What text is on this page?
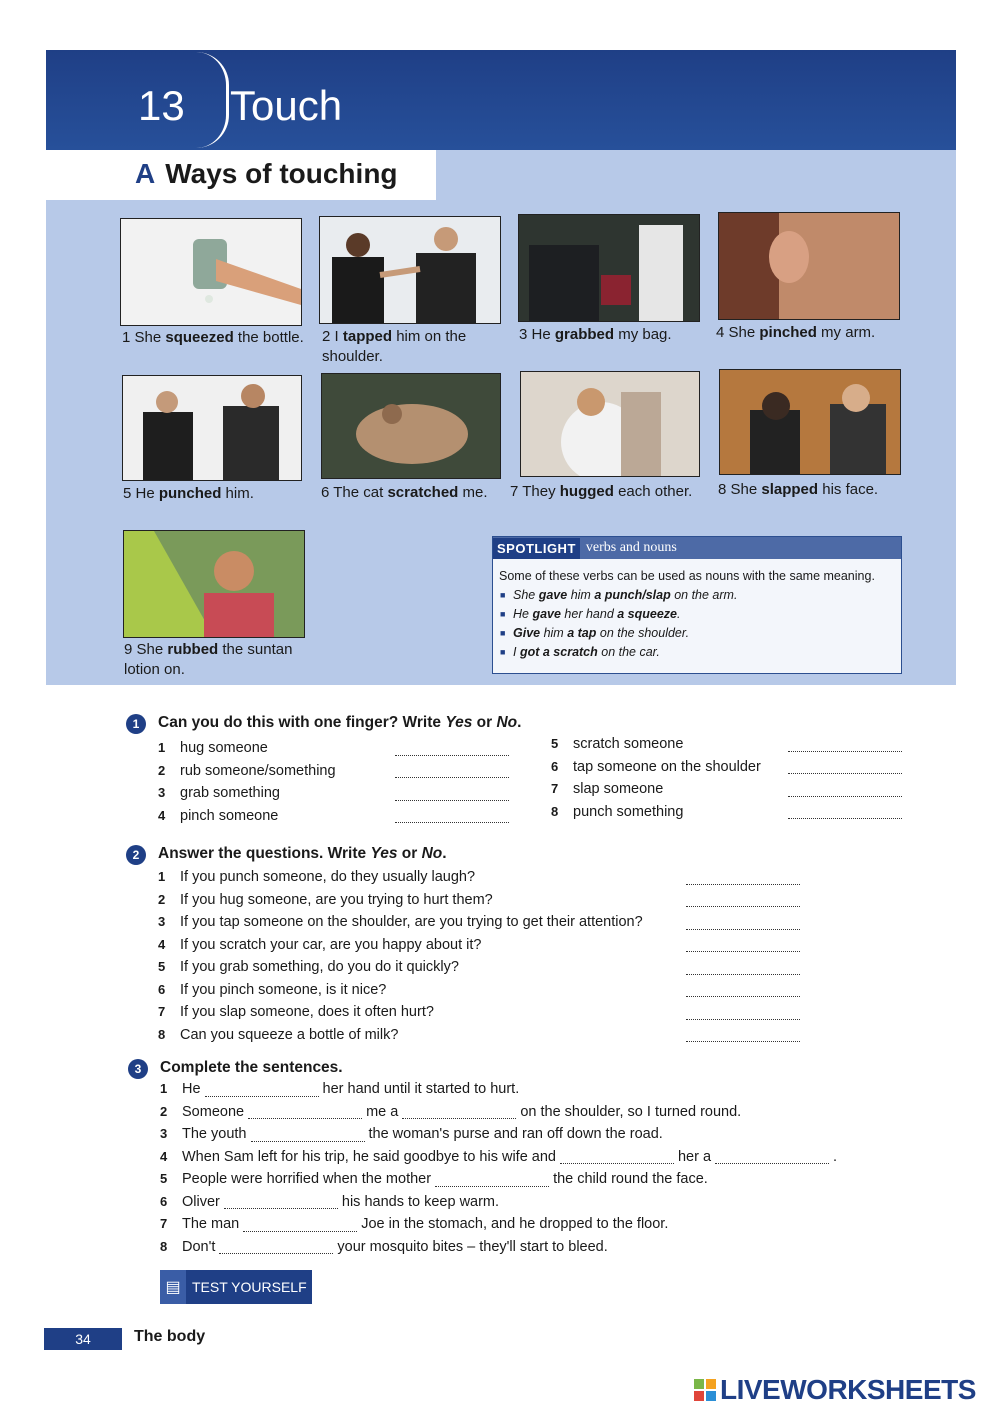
13 Touch
A Ways of touching
1 She squeezed the bottle.	2 I tapped him on the shoulder.
3 He grabbed my bag.	4 She pinched my arm.
5 He punched him.	6 The cat scratched me.	7 They hugged each other.	8 She slapped his face.
9 She rubbed the suntan lotion on.
SPOTLIGHT verbs and nouns
Some of these verbs can be used as nouns with the same meaning.
■ She gave him a punch/slap on the arm.
■ He gave her hand a squeeze.
■ Give him a tap on the shoulder.
■ I got a scratch on the car.
1	Can you do this with one finger? Write Yes or No.
1	hug someone
2	rub someone/something
3	grab something
4	pinch someone
5	scratch someone
6	tap someone on the shoulder
7	slap someone
8	punch something
2	Answer the questions. Write Yes or No.
1	If you punch someone, do they usually laugh?
2	If you hug someone, are you trying to hurt them?
3	If you tap someone on the shoulder, are you trying to get their attention?
4	If you scratch your car, are you happy about it?
5	If you grab something, do you do it quickly?
6	If you pinch someone, is it nice?
7	If you slap someone, does it often hurt?
8	Can you squeeze a bottle of milk?
3	Complete the sentences.
1	He	her hand until it started to hurt.
2	Someone	me a	on the shoulder, so I turned round.
3	The youth	the woman's purse and ran off down the road.
4	When Sam left for his trip, he said goodbye to his wife and	her a	.
5	People were horrified when the mother	the child round the face.
6	Oliver	his hands to keep warm.
7	The man	Joe in the stomach, and he dropped to the floor.
8	Don't	your mosquito bites – they'll start to bleed.
▤ TEST YOURSELF
34	The body
LIVEWORKSHEETS
